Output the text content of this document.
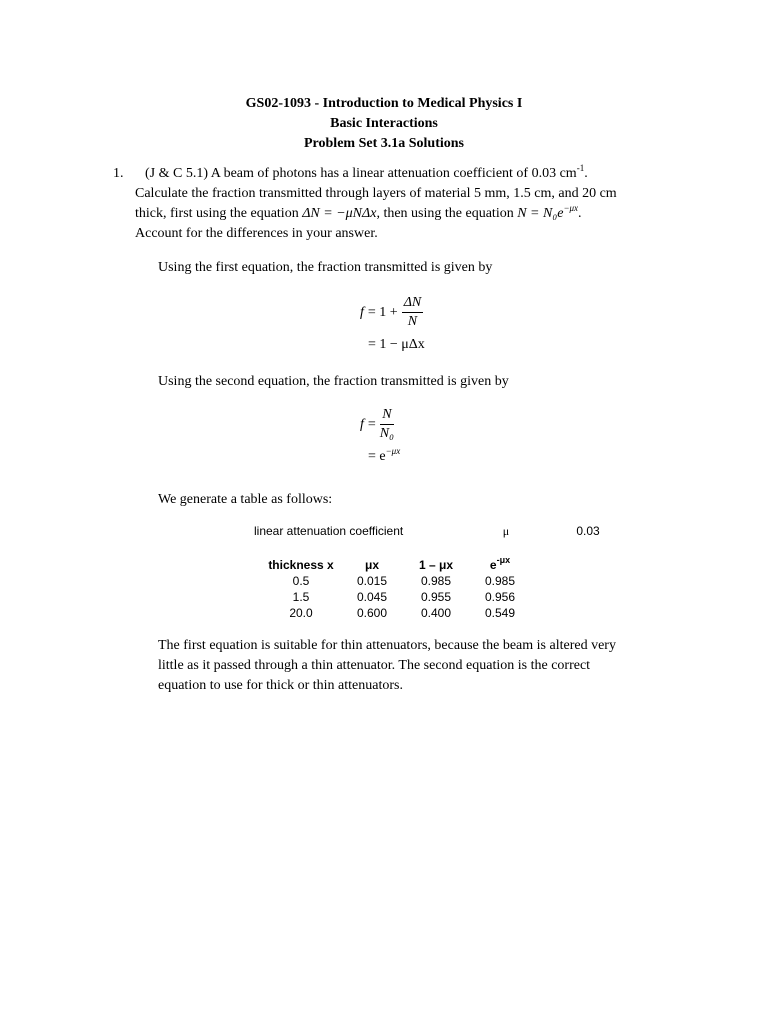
GS02-1093 - Introduction to Medical Physics I
Basic Interactions
Problem Set 3.1a Solutions
1. (J & C 5.1) A beam of photons has a linear attenuation coefficient of 0.03 $cm^{-1}$.
Calculate the fraction transmitted through layers of material 5 mm, 1.5 cm, and 20 cm
thick, first using the equation ΔN = −μNΔx, then using the equation $N = N_0e^{-\mu x}$.
Account for the differences in your answer.
Using the first equation, the fraction transmitted is given by
$f = 1 + \frac{\Delta N}{N}$
= 1 − μΔx
Using the second equation, the fraction transmitted is given by
$f = \frac{N}{\text{N₀}}$
= $e^{-\mu x}$
We generate a table as follows:
linear attenuation coefficient	μ	0.03
thickness x	μx	1 – μx	$e^{-\mu x}$
0.5	0.015	0.985	0.985
1.5	0.045	0.955	0.956
20.0	0.600	0.400	0.549
The first equation is suitable for thin attenuators, because the beam is altered very
little as it passed through a thin attenuator. The second equation is the correct
equation to use for thick or thin attenuators.
